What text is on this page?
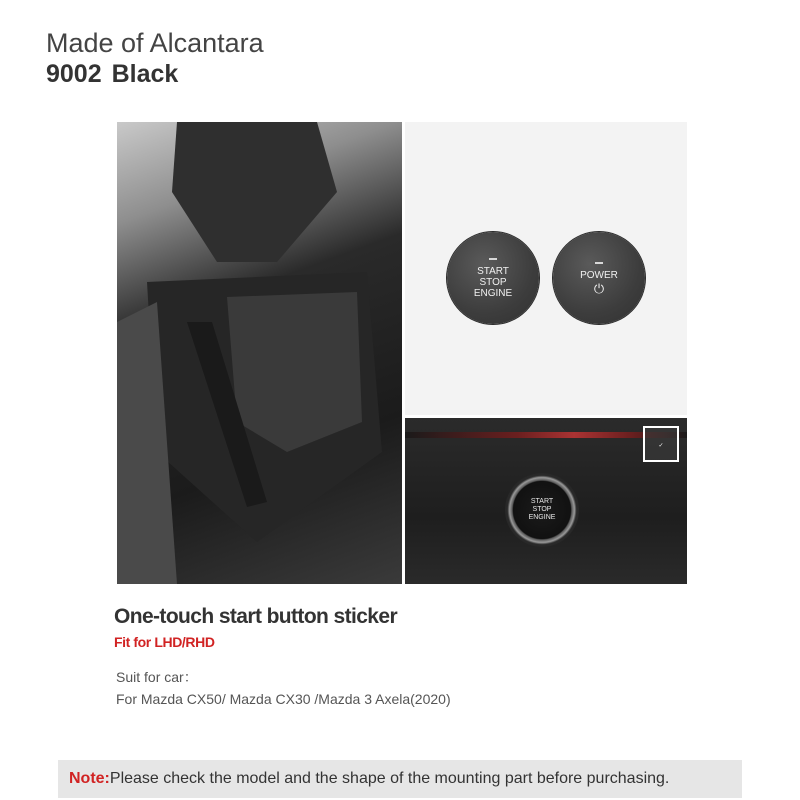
Made of Alcantara
9002 Black
START
STOP
ENGINE
POWER
⏻
✓
START
STOP
ENGINE
One-touch start button sticker
Fit for LHD/RHD
Suit for car：
For Mazda CX50/ Mazda CX30 /Mazda 3 Axela(2020)
Note:Please check the model and the shape of the mounting part before purchasing.
